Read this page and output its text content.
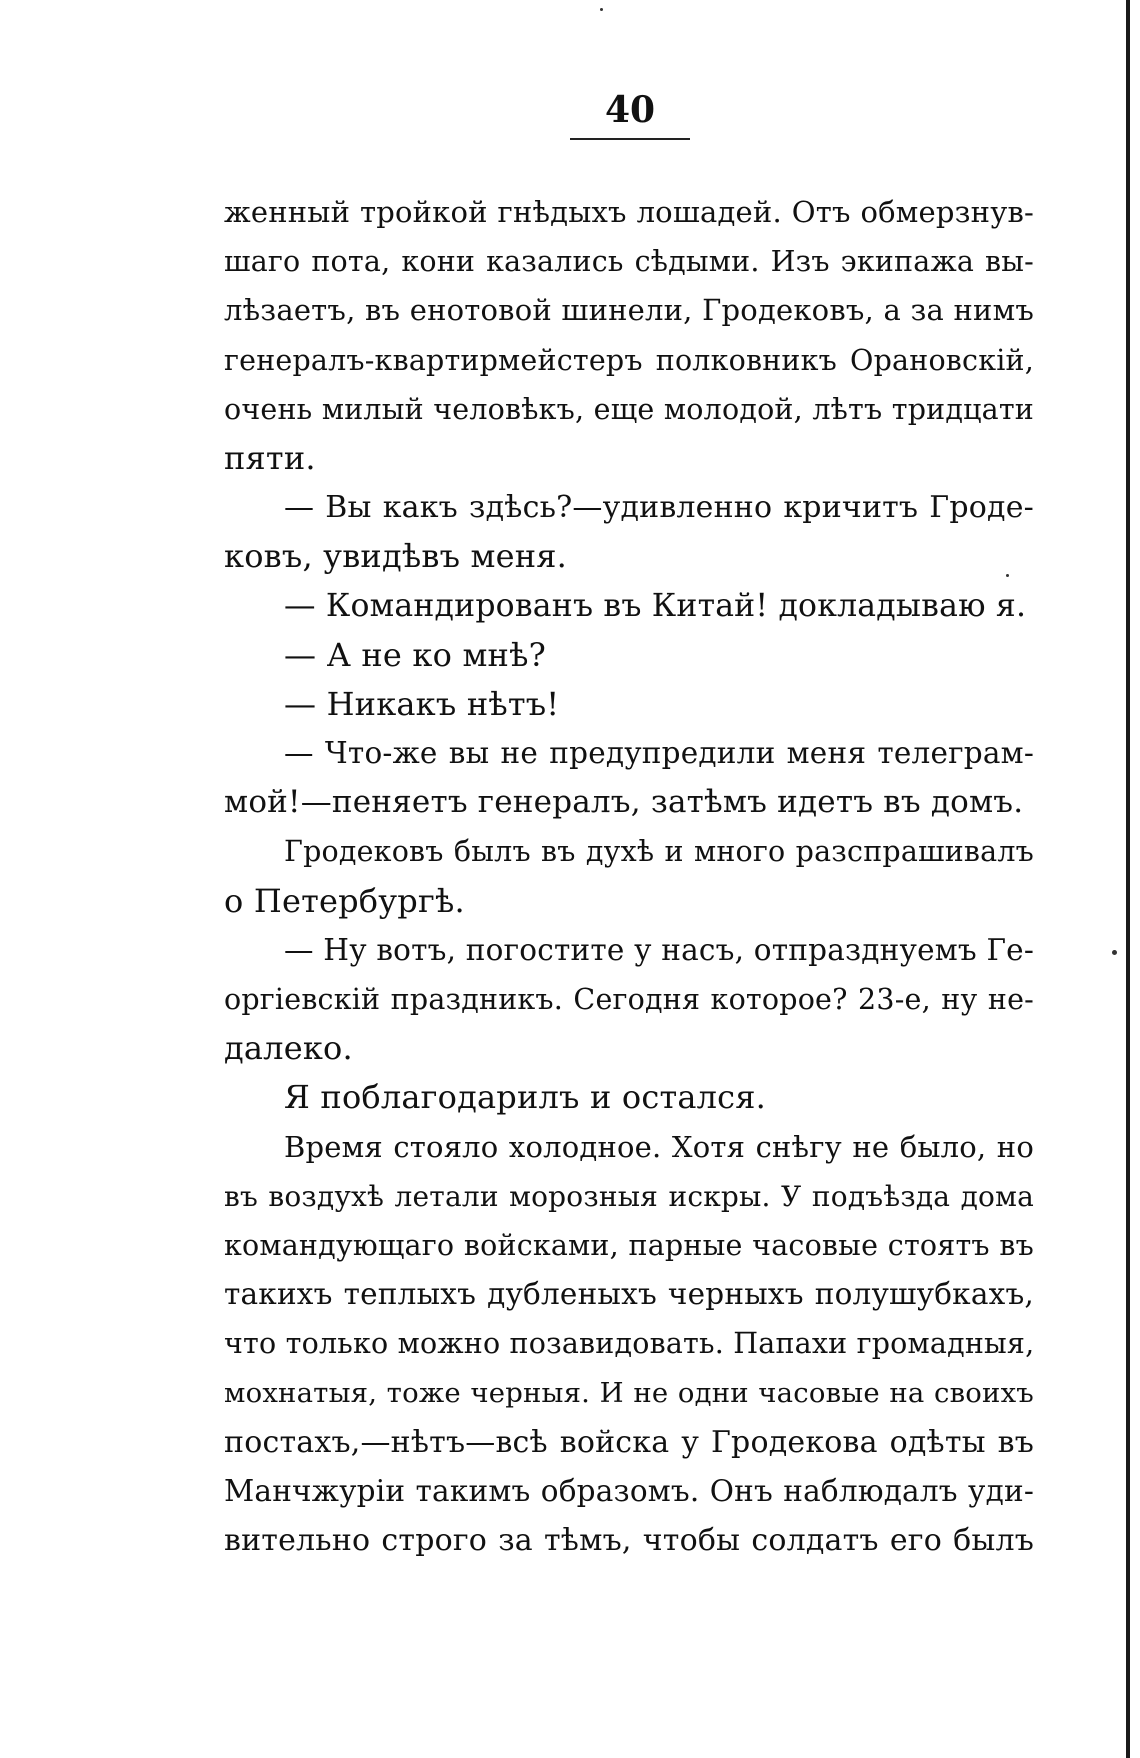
40
женный тройкой гнѣдыхъ лошадей. Отъ обмерзнув-
шаго пота, кони казались сѣдыми. Изъ экипажа вы-
лѣзаетъ, въ енотовой шинели, Гродековъ, а за нимъ
генералъ-квартирмейстеръ полковникъ Орановскій,
очень милый человѣкъ, еще молодой, лѣтъ тридцати
пяти.
— Вы какъ здѣсь?—удивленно кричитъ Гроде-
ковъ, увидѣвъ меня.
— Командированъ въ Китай! докладываю я.
— А не ко мнѣ?
— Никакъ нѣтъ!
— Что-же вы не предупредили меня телеграм-
мой!—пеняетъ генералъ, затѣмъ идетъ въ домъ.
Гродековъ былъ въ духѣ и много разспрашивалъ
о Петербургѣ.
— Ну вотъ, погостите у насъ, отпразднуемъ Ге-
оргіевскій праздникъ. Сегодня которое? 23-е, ну не-
далеко.
Я поблагодарилъ и остался.
Время стояло холодное. Хотя снѣгу не было, но
въ воздухѣ летали морозныя искры. У подъѣзда дома
командующаго войсками, парные часовые стоятъ въ
такихъ теплыхъ дубленыхъ черныхъ полушубкахъ,
что только можно позавидовать. Папахи громадныя,
мохнатыя, тоже черныя. И не одни часовые на своихъ
постахъ,—нѣтъ—всѣ войска у Гродекова одѣты въ
Манчжуріи такимъ образомъ. Онъ наблюдалъ уди-
вительно строго за тѣмъ, чтобы солдатъ его былъ
